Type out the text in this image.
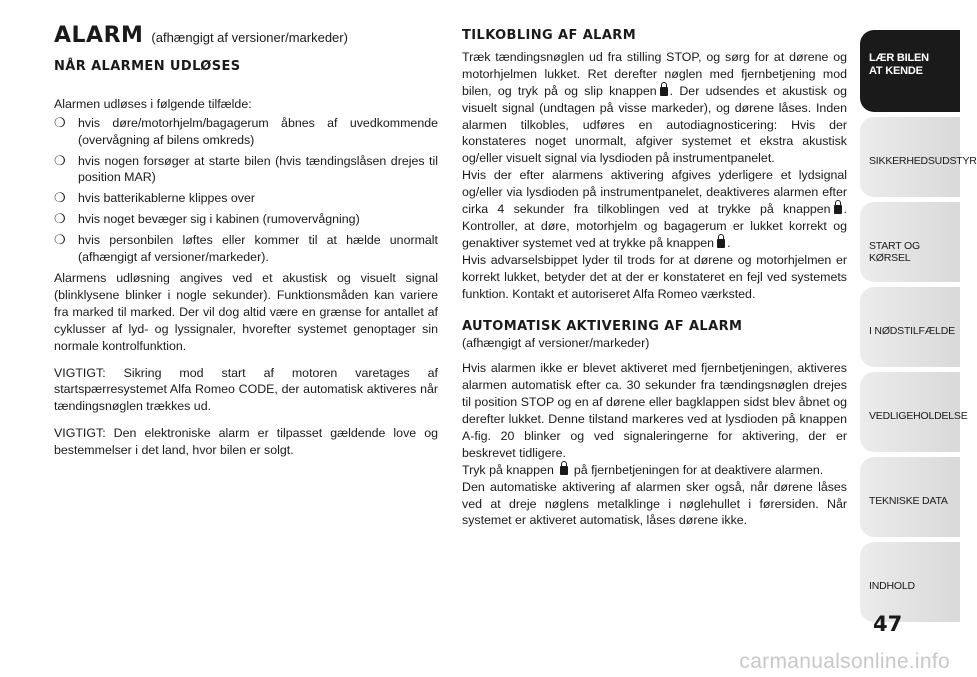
ALARM (afhængigt af versioner/markeder)
NÅR ALARMEN UDLØSES

Alarmen udløses i følgende tilfælde:

❍ hvis døre/motorhjelm/bagagerum åbnes af uvedkommende (overvågning af bilens omkreds)
❍ hvis nogen forsøger at starte bilen (hvis tændingslåsen drejes til position MAR)
❍ hvis batterikablerne klippes over
❍ hvis noget bevæger sig i kabinen (rumovervågning)
❍ hvis personbilen løftes eller kommer til at hælde unormalt (afhængigt af versioner/markeder).

Alarmens udløsning angives ved et akustisk og visuelt signal (blinklysene blinker i nogle sekunder). Funktionsmåden kan variere fra marked til marked. Der vil dog altid være en grænse for antallet af cyklusser af lyd- og lyssignaler, hvorefter systemet genoptager sin normale kontrolfunktion.

VIGTIGT: Sikring mod start af motoren varetages af startspærresystemet Alfa Romeo CODE, der automatisk aktiveres når tændingsnøglen trækkes ud.

VIGTIGT: Den elektroniske alarm er tilpasset gældende love og bestemmelser i det land, hvor bilen er solgt.

TILKOBLING AF ALARM

Træk tændingsnøglen ud fra stilling STOP, og sørg for at dørene og motorhjelmen lukket. Ret derefter nøglen med fjernbetjening mod bilen, og tryk på og slip knappen . Der udsendes et akustisk og visuelt signal (undtagen på visse markeder), og dørene låses. Inden alarmen tilkobles, udføres en autodiagnosticering: Hvis der konstateres noget unormalt, afgiver systemet et ekstra akustisk og/eller visuelt signal via lysdioden på instrumentpanelet.

Hvis der efter alarmens aktivering afgives yderligere et lydsignal og/eller via lysdioden på instrumentpanelet, deaktiveres alarmen efter cirka 4 sekunder fra tilkoblingen ved at trykke på knappen . Kontroller, at døre, motorhjelm og bagagerum er lukket korrekt og genaktiver systemet ved at trykke på knappen .

Hvis advarselsbippet lyder til trods for at dørene og motorhjelmen er korrekt lukket, betyder det at der er konstateret en fejl ved systemets funktion. Kontakt et autoriseret Alfa Romeo værksted.

AUTOMATISK AKTIVERING AF ALARM

(afhængigt af versioner/markeder)

Hvis alarmen ikke er blevet aktiveret med fjernbetjeningen, aktiveres alarmen automatisk efter ca. 30 sekunder fra tændingsnøglen drejes til position STOP og en af dørene eller bagklappen sidst blev åbnet og derefter lukket. Denne tilstand markeres ved at lysdioden på knappen A-fig. 20 blinker og ved signaleringerne for aktivering, der er beskrevet tidligere.

Tryk på knappen på fjernbetjeningen for at deaktivere alarmen.

Den automatiske aktivering af alarmen sker også, når dørene låses ved at dreje nøglens metalklinge i nøglehullet i førersiden. Når systemet er aktiveret automatisk, låses dørene ikke.

LÆR BILEN
AT KENDE
SIKKERHEDSUDSTYR
START OG KØRSEL
I NØDSTILFÆLDE
VEDLIGEHOLDELSE
TEKNISKE DATA
INDHOLD
47
carmanualsonline.info
